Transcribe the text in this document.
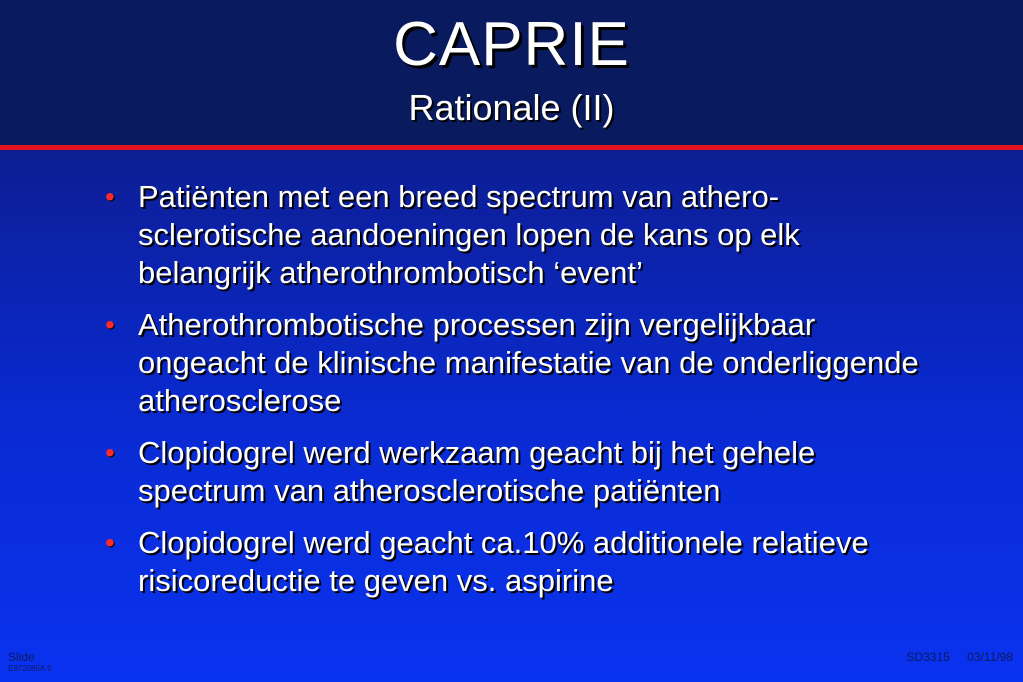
CAPRIE
Rationale (II)
• Patiënten met een breed spectrum van athero-sclerotische aandoeningen lopen de kans op elk belangrijk atherothrombotisch ‘event’
• Atherothrombotische processen zijn vergelijkbaar ongeacht de klinische manifestatie van de onderliggende atherosclerose
• Clopidogrel werd werkzaam geacht bij het gehele spectrum van atherosclerotische patiënten
• Clopidogrel werd geacht ca.10% additionele relatieve risicoreductie te geven vs. aspirine
Slide
E972085A 5
SD3315 03/11/98
